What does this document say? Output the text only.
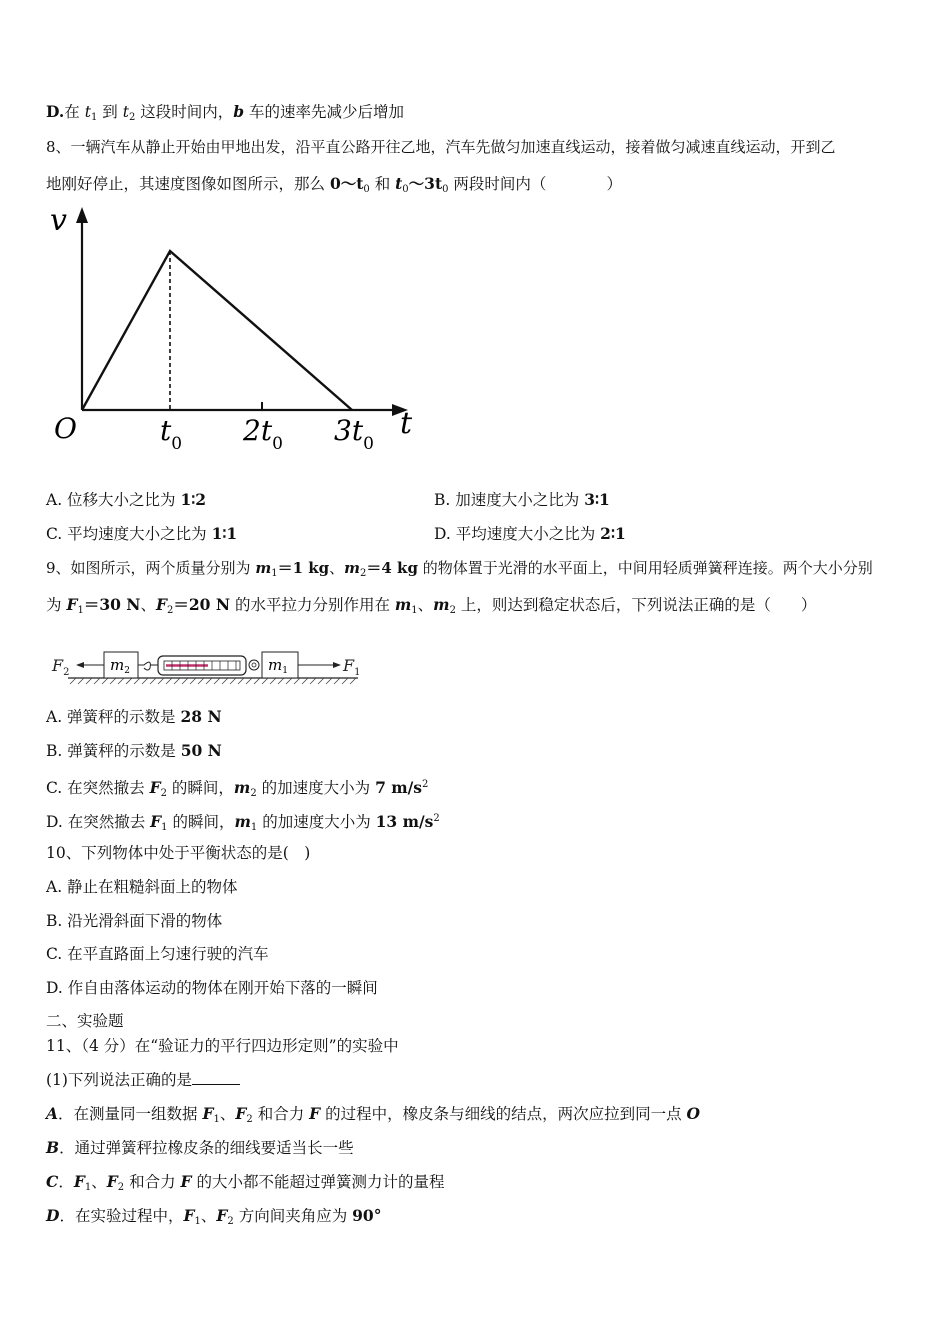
D.在 $t_1$ 到 $t_2$ 这段时间内，b 车的速率先减少后增加
8、一辆汽车从静止开始由甲地出发，沿平直公路开往乙地，汽车先做匀加速直线运动，接着做匀减速直线运动，开到乙
地刚好停止，其速度图像如图所示，那么 $0\sim t_0$ 和 $t_0\sim 3t_0$ 两段时间内（	）
v
t
O	$t_0$ $2t_0$ $3t_0$
A. 位移大小之比为 1∶2	B. 加速度大小之比为 3∶1
C. 平均速度大小之比为 1∶1	D. 平均速度大小之比为 2∶1
9、如图所示，两个质量分别为 $m_1=1$ kg、$m_2=4$ kg 的物体置于光滑的水平面上，中间用轻质弹簧秤连接。两个大小分别
为 $F_1=30$ N、$F_2=20$ N 的水平拉力分别作用在 $m_1$、$m_2$ 上，则达到稳定状态后，下列说法正确的是（ ）
$F_2$	$m_2$	$m_1$	$F_1$
A. 弹簧秤的示数是 28 N
B. 弹簧秤的示数是 50 N
C. 在突然撤去 $F_2$ 的瞬间，$m_2$ 的加速度大小为 7 $m/s^2$
D. 在突然撤去 $F_1$ 的瞬间，$m_1$ 的加速度大小为 13 $m/s^2$
10、下列物体中处于平衡状态的是(　)
A. 静止在粗糙斜面上的物体
B. 沿光滑斜面下滑的物体
C. 在平直路面上匀速行驶的汽车
D. 作自由落体运动的物体在刚开始下落的一瞬间
二、实验题
11、（4 分）在“验证力的平行四边形定则”的实验中
(1)下列说法正确的是
A．在测量同一组数据 $F_1$、$F_2$ 和合力 F 的过程中，橡皮条与细线的结点，两次应拉到同一点 O
B．通过弹簧秤拉橡皮条的细线要适当长一些
C．$F_1$、$F_2$ 和合力 F 的大小都不能超过弹簧测力计的量程
D．在实验过程中，$F_1$、$F_2$ 方向间夹角应为 90°
